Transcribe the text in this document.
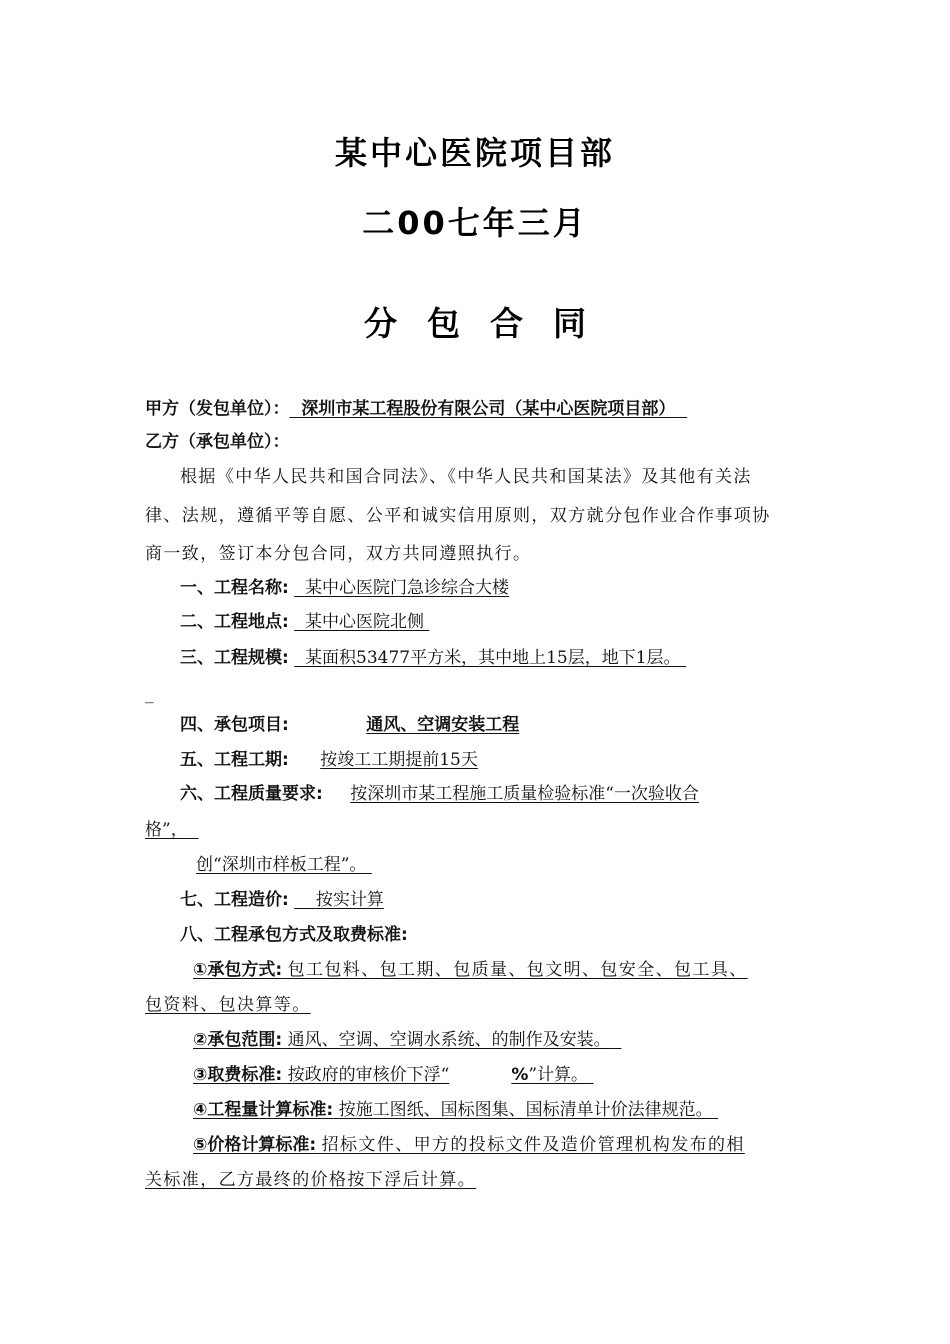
某中心医院项目部
二00七年三月
分包合同
甲方（发包单位）： 深圳市某工程股份有限公司（某中心医院项目部）
乙方（承包单位）：
根据《中华人民共和国合同法》、《中华人民共和国某法》及其他有关法
律、法规，遵循平等自愿、公平和诚实信用原则，双方就分包作业合作事项协
商一致，签订本分包合同，双方共同遵照执行。
一、工程名称: 某中心医院门急诊综合大楼
二、工程地点: 某中心医院北侧
三、工程规模: 某面积53477平方米，其中地上15层，地下1层。
_
四、承包项目:	通风、空调安装工程
五、工程工期: 按竣工工期提前15天
六、工程质量要求: 按深圳市某工程施工质量检验标准“一次验收合
格”，
创“深圳市样板工程”。
七、工程造价: 按实计算
八、工程承包方式及取费标准:
①承包方式: 包工包料、包工期、包质量、包文明、包安全、包工具、
包资料、包决算等。
②承包范围: 通风、空调、空调水系统、的制作及安装。
③取费标准: 按政府的审核价下浮“	%”计算。
④工程量计算标准: 按施工图纸、国标图集、国标清单计价法律规范。
⑤价格计算标准: 招标文件、甲方的投标文件及造价管理机构发布的相
关标准，乙方最终的价格按下浮后计算。
